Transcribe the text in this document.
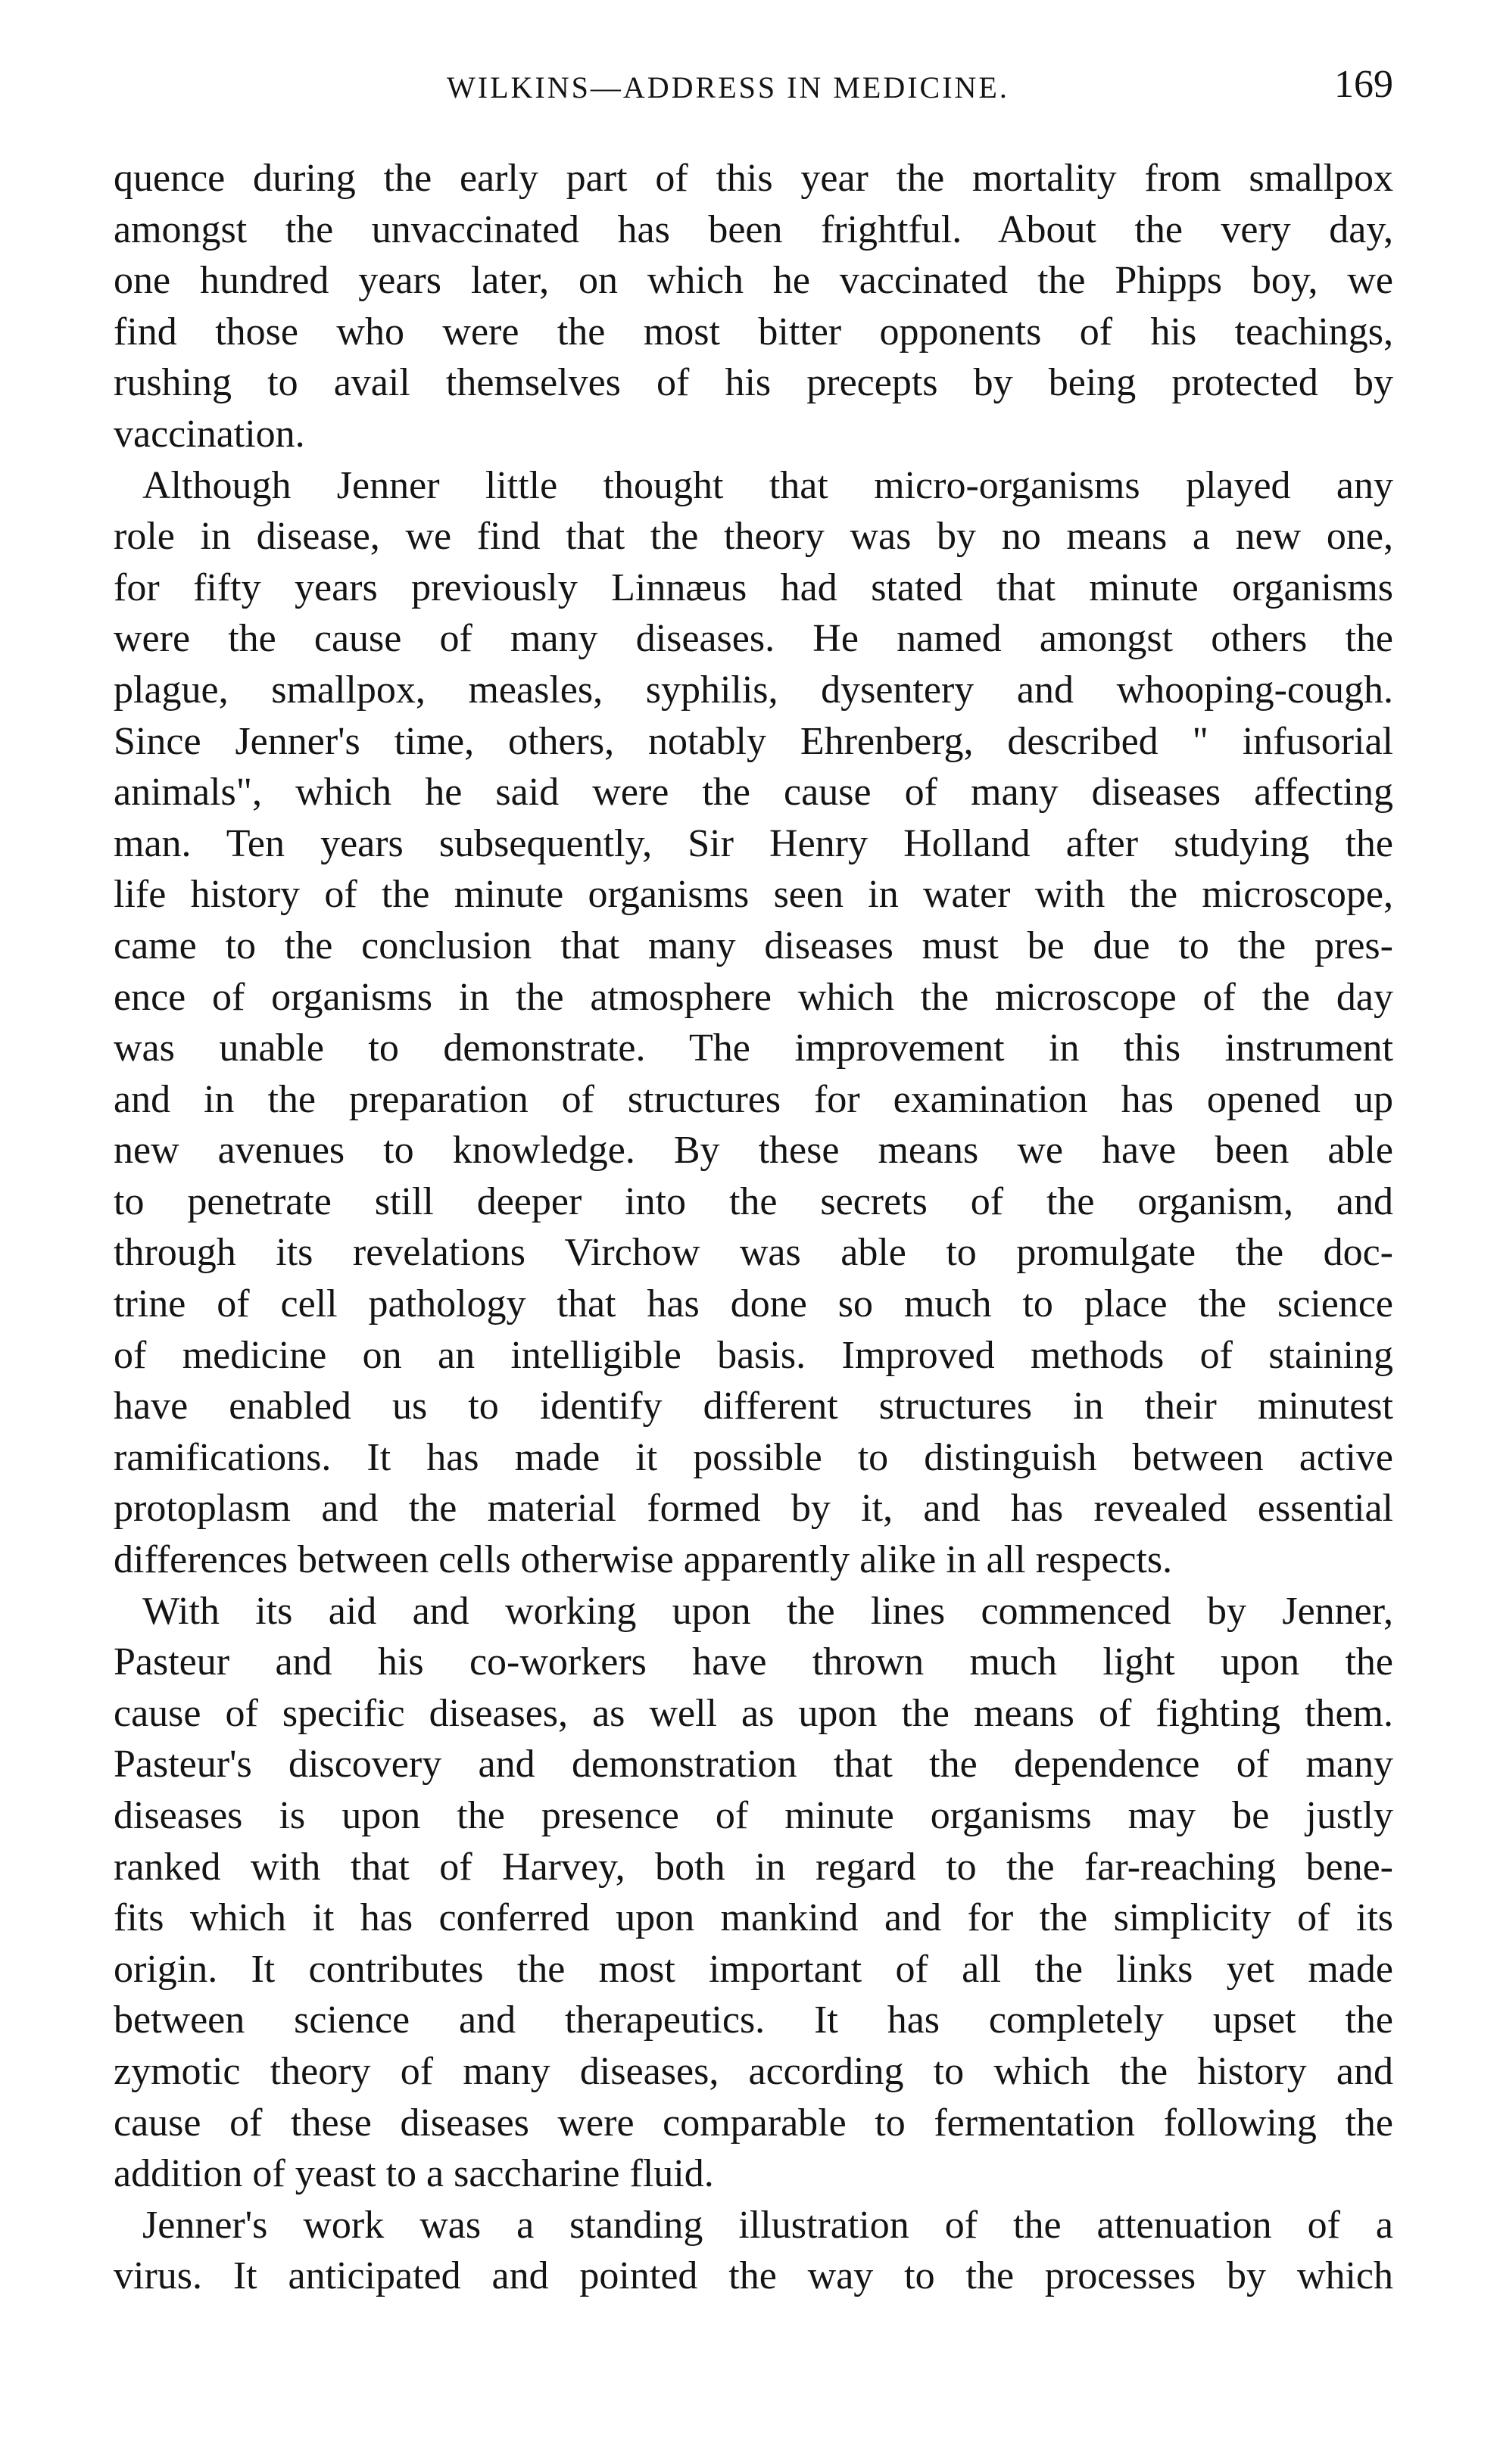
WILKINS—ADDRESS IN MEDICINE.	169
quence during the early part of this year the mortality from smallpox
amongst the unvaccinated has been frightful. About the very day,
one hundred years later, on which he vaccinated the Phipps boy, we
find those who were the most bitter opponents of his teachings,
rushing to avail themselves of his precepts by being protected by
vaccination.
Although Jenner little thought that micro-organisms played any
role in disease, we find that the theory was by no means a new one,
for fifty years previously Linnæus had stated that minute organisms
were the cause of many diseases. He named amongst others the
plague, smallpox, measles, syphilis, dysentery and whooping-cough.
Since Jenner's time, others, notably Ehrenberg, described " infusorial
animals", which he said were the cause of many diseases affecting
man. Ten years subsequently, Sir Henry Holland after studying the
life history of the minute organisms seen in water with the microscope,
came to the conclusion that many diseases must be due to the pres-
ence of organisms in the atmosphere which the microscope of the day
was unable to demonstrate. The improvement in this instrument
and in the preparation of structures for examination has opened up
new avenues to knowledge. By these means we have been able
to penetrate still deeper into the secrets of the organism, and
through its revelations Virchow was able to promulgate the doc-
trine of cell pathology that has done so much to place the science
of medicine on an intelligible basis. Improved methods of staining
have enabled us to identify different structures in their minutest
ramifications. It has made it possible to distinguish between active
protoplasm and the material formed by it, and has revealed essential
differences between cells otherwise apparently alike in all respects.
With its aid and working upon the lines commenced by Jenner,
Pasteur and his co-workers have thrown much light upon the
cause of specific diseases, as well as upon the means of fighting them.
Pasteur's discovery and demonstration that the dependence of many
diseases is upon the presence of minute organisms may be justly
ranked with that of Harvey, both in regard to the far-reaching bene-
fits which it has conferred upon mankind and for the simplicity of its
origin. It contributes the most important of all the links yet made
between science and therapeutics. It has completely upset the
zymotic theory of many diseases, according to which the history and
cause of these diseases were comparable to fermentation following the
addition of yeast to a saccharine fluid.
Jenner's work was a standing illustration of the attenuation of a
virus. It anticipated and pointed the way to the processes by which
